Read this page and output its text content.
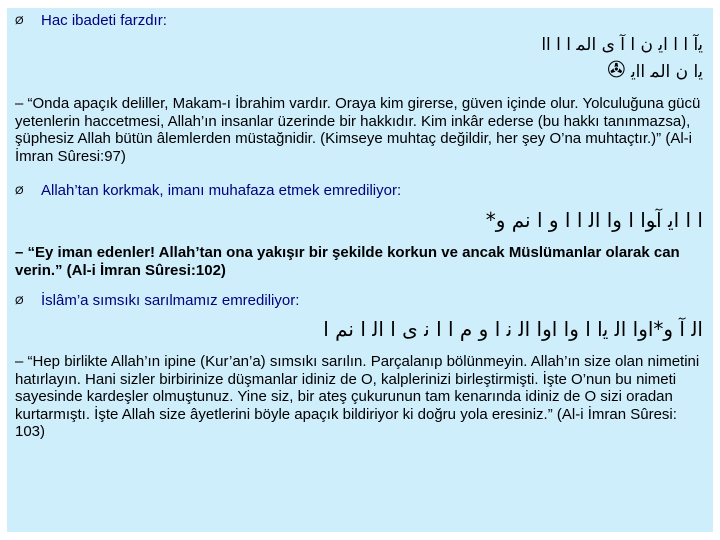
Ø	Hac ibadeti farzdır:
ﻳآ ا ا ﺍﻳ ﻥ ا آ ﻯ ﺍﻟﻤ ا ا ﺍﺍ
ﻳﺍ ﻥ ﺍﻟﻤ ﺍﺍﻳ ✇
– “Onda apaçık deliller, Makam-ı İbrahim vardır. Oraya kim girerse, güven içinde olur. Yolculuğuna gücü yetenlerin haccetmesi, Allah’ın insanlar üzerinde bir hakkıdır. Kim inkâr ederse (bu hakkı tanınmazsa), şüphesiz Allah bütün âlemlerden müstağnidir. (Kimseye muhtaç değildir, her şey O’na muhtaçtır.)” (Al-i İmran Sûresi:97)
Ø	Allah’tan korkmak, imanı muhafaza etmek emrediliyor:
ﺍ ﺍ ﺍﻳ آﻮﺍ ﺍ ﻭﺍ ﺍﻟ ﺍ ﺍ ﻭ ﺍ ﻧﻢ ﻭ*
– “Ey iman edenler! Allah’tan ona yakışır bir şekilde korkun ve ancak Müslümanlar olarak can verin.” (Al-i İmran Sûresi:102)
Ø	İslâm’a sımsıkı sarılmamız emrediliyor:
ﺍﻟ آ ﻭ*ﺍﻭﺍ ﺍﻟ ﻳﺍ ﺍ ﻭﺍ ﺍﻭﺍ ﺍﻟ ﻧ ﺍ ﻭ ﻡ ﺍ ﺍ ﻧ ﻯ ﺍ ﺍﻟ ﺍ ﻧﻢ ﺍ
– “Hep birlikte Allah’ın ipine (Kur’an’a) sımsıkı sarılın. Parçalanıp bölünmeyin. Allah’ın size olan nimetini hatırlayın. Hani sizler birbirinize düşmanlar idiniz de O, kalplerinizi birleştirmişti. İşte O’nun bu nimeti sayesinde kardeşler olmuştunuz. Yine siz, bir ateş çukurunun tam kenarında idiniz de O sizi oradan kurtarmıştı. İşte Allah size âyetlerini böyle apaçık bildiriyor ki doğru yola eresiniz.” (Al-i İmran Sûresi: 103)
